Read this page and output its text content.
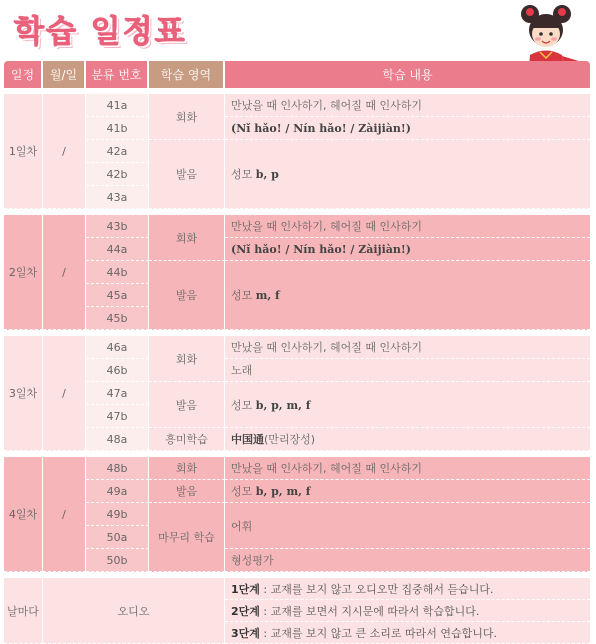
학습 일정표
일정	월/일	분류 번호	학습 영역	학습 내용

1일차	/	41a	회화	만났을 때 인사하기, 헤어질 때 인사하기
		41b		(Nǐ hǎo! / Nín hǎo! / Zàijiàn!)
		42a	발음	성모 b, p
		42b		
		43a		

2일차	/	43b	회화	만났을 때 인사하기, 헤어질 때 인사하기
		44a		(Nǐ hǎo! / Nín hǎo! / Zàijiàn!)
		44b	발음	성모 m, f
		45a		
		45b		

3일차	/	46a	회화	만났을 때 인사하기, 헤어질 때 인사하기
		46b		노래
		47a	발음	성모 b, p, m, f
		47b		
		48a	흥미학습	中国通(만리장성)

4일차	/	48b	회화	만났을 때 인사하기, 헤어질 때 인사하기
		49a	발음	성모 b, p, m, f
		49b	마무리 학습	어휘
		50a		
		50b		형성평가

날마다	오디오			1단계 : 교재를 보지 않고 오디오만 집중해서 듣습니다.
				2단계 : 교재를 보면서 지시문에 따라서 학습합니다.
				3단계 : 교재를 보지 않고 큰 소리로 따라서 연습합니다.
